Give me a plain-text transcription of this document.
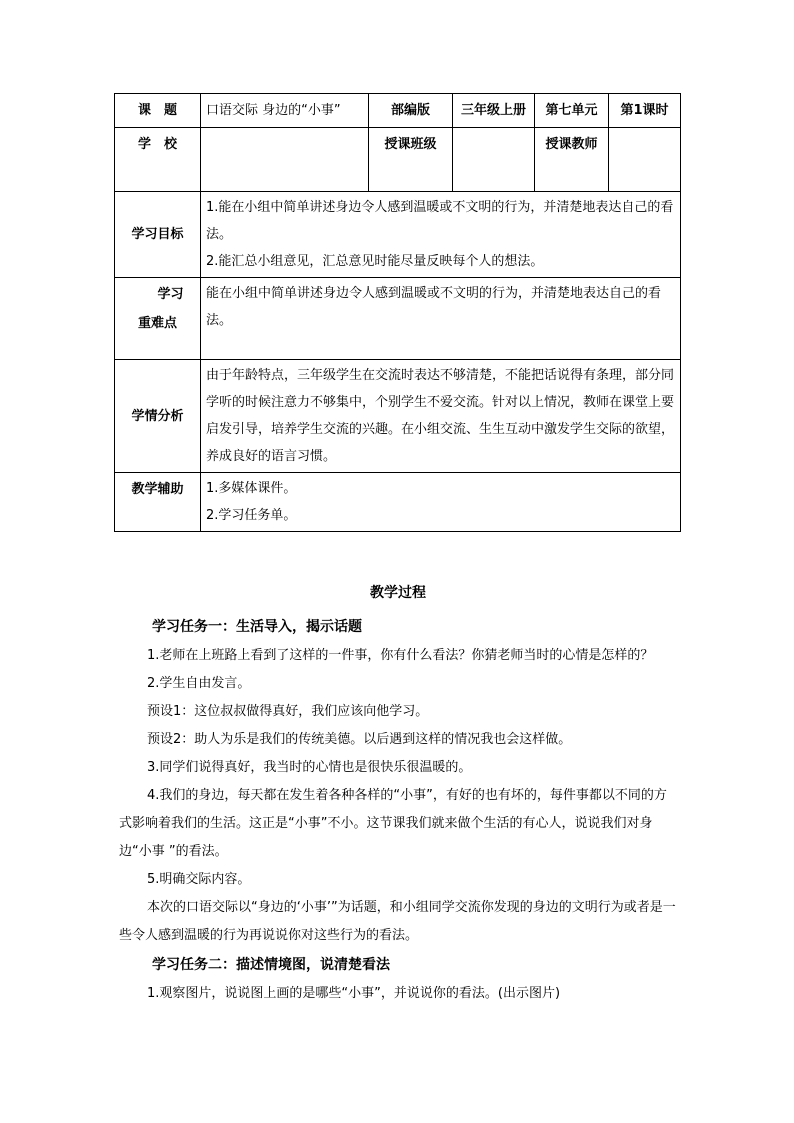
课　题	口语交际 身边的“小事”	部编版	三年级上册	第七单元	第1课时
学　校		授课班级		授课教师	
学习目标	1.能在小组中简单讲述身边令人感到温暖或不文明的行为，并清楚地表达自己的看法。
2.能汇总小组意见，汇总意见时能尽量反映每个人的想法。				

学习
重难点	能在小组中简单讲述身边令人感到温暖或不文明的行为，并清楚地表达自己的看法。				
学情分析	由于年龄特点，三年级学生在交流时表达不够清楚，不能把话说得有条理，部分同学听的时候注意力不够集中，个别学生不爱交流。针对以上情况，教师在课堂上要启发引导，培养学生交流的兴趣。在小组交流、生生互动中激发学生交际的欲望，养成良好的语言习惯。				
教学辅助	1.多媒体课件。
2.学习任务单。				
教学过程

学习任务一：生活导入，揭示话题

1.老师在上班路上看到了这样的一件事，你有什么看法？你猜老师当时的心情是怎样的？

2.学生自由发言。

预设1：这位叔叔做得真好，我们应该向他学习。

预设2：助人为乐是我们的传统美德。以后遇到这样的情况我也会这样做。

3.同学们说得真好，我当时的心情也是很快乐很温暖的。

4.我们的身边，每天都在发生着各种各样的“小事”，有好的也有坏的，每件事都以不同的方式影响着我们的生活。这正是“小事”不小。这节课我们就来做个生活的有心人，说说我们对身边“小事 ”的看法。

5.明确交际内容。

本次的口语交际以“身边的‘小事’”为话题，和小组同学交流你发现的身边的文明行为或者是一些令人感到温暖的行为再说说你对这些行为的看法。

学习任务二：描述情境图，说清楚看法

1.观察图片，说说图上画的是哪些“小事”，并说说你的看法。(出示图片)
